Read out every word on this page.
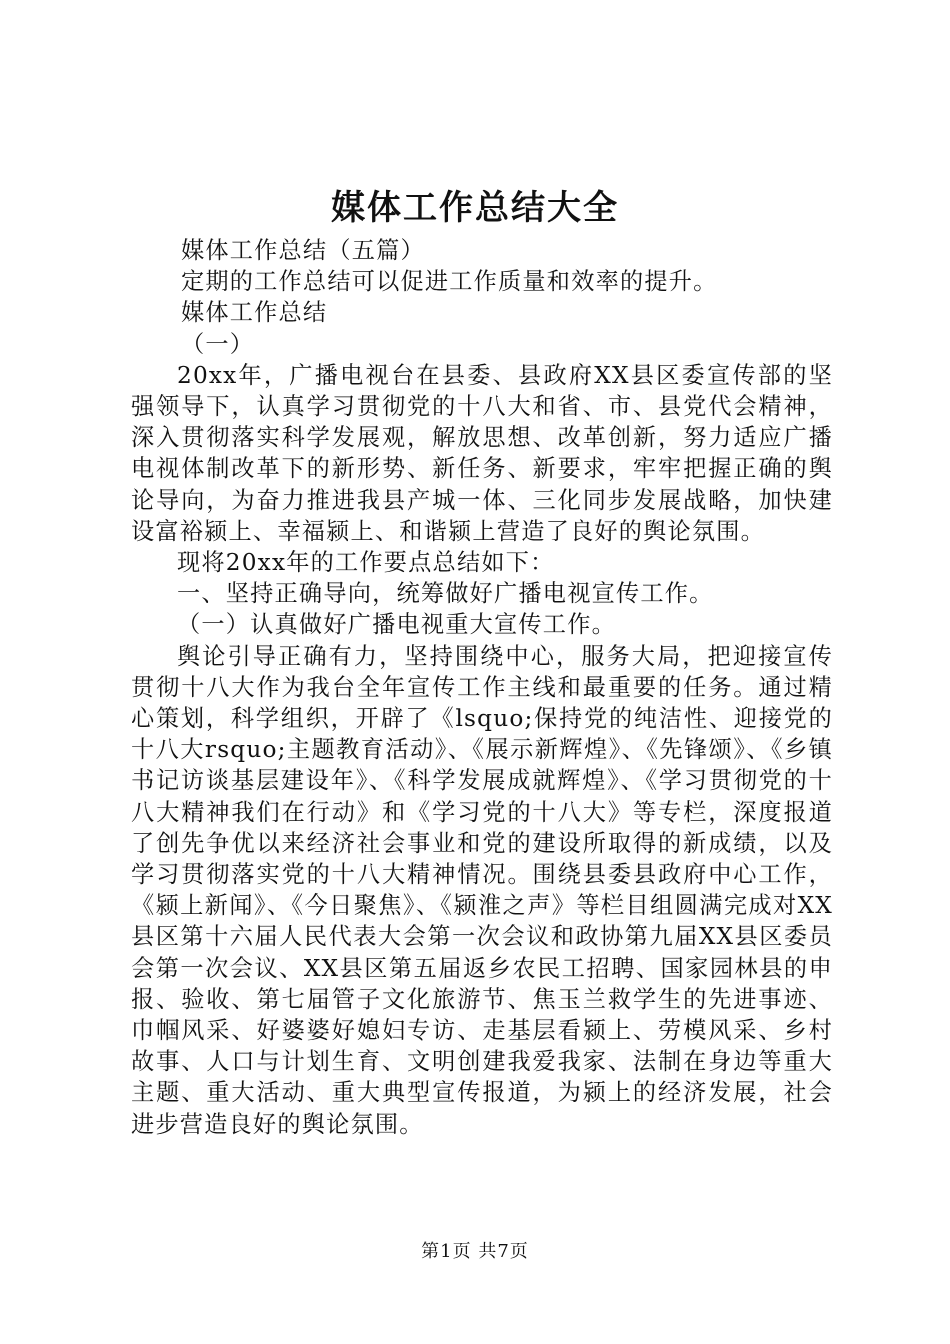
媒体工作总结大全

媒体工作总结（五篇）

定期的工作总结可以促进工作质量和效率的提升。

媒体工作总结

（一）

20xx年，广播电视台在县委、县政府XX县区委宣传部的坚强领导下，认真学习贯彻党的十八大和省、市、县党代会精神，深入贯彻落实科学发展观，解放思想、改革创新，努力适应广播电视体制改革下的新形势、新任务、新要求，牢牢把握正确的舆论导向，为奋力推进我县产城一体、三化同步发展战略，加快建设富裕颍上、幸福颍上、和谐颍上营造了良好的舆论氛围。

现将20xx年的工作要点总结如下：

一、坚持正确导向，统筹做好广播电视宣传工作。

（一）认真做好广播电视重大宣传工作。

舆论引导正确有力，坚持围绕中心，服务大局，把迎接宣传贯彻十八大作为我台全年宣传工作主线和最重要的任务。通过精心策划，科学组织，开辟了《lsquo;保持党的纯洁性、迎接党的十八大rsquo;主题教育活动》、《展示新辉煌》、《先锋颂》、《乡镇书记访谈基层建设年》、《科学发展成就辉煌》、《学习贯彻党的十八大精神我们在行动》和《学习党的十八大》等专栏，深度报道了创先争优以来经济社会事业和党的建设所取得的新成绩，以及学习贯彻落实党的十八大精神情况。围绕县委县政府中心工作，《颍上新闻》、《今日聚焦》、《颍淮之声》等栏目组圆满完成对XX县区第十六届人民代表大会第一次会议和政协第九届XX县区委员会第一次会议、XX县区第五届返乡农民工招聘、国家园林县的申报、验收、第七届管子文化旅游节、焦玉兰救学生的先进事迹、巾帼风采、好婆婆好媳妇专访、走基层看颍上、劳模风采、乡村故事、人口与计划生育、文明创建我爱我家、法制在身边等重大主题、重大活动、重大典型宣传报道，为颍上的经济发展，社会进步营造良好的舆论氛围。

第1页 共7页
